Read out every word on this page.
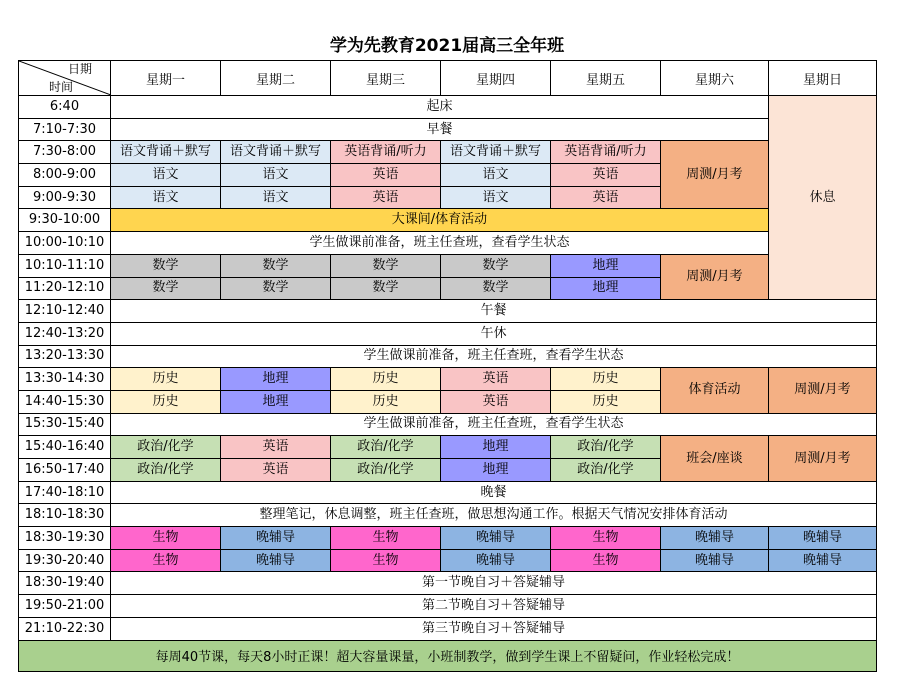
学为先教育2021届高三全年班
日期
时间	星期一	星期二	星期三	星期四	星期五	星期六	星期日
6:40	起床						休息
7:10-7:30	早餐						
7:30-8:00	语文背诵＋默写	语文背诵＋默写	英语背诵/听力	语文背诵＋默写	英语背诵/听力	周测/月考	
8:00-9:00	语文	语文	英语	语文	英语		
9:00-9:30	语文	语文	英语	语文	英语		
9:30-10:00	大课间/体育活动						
10:00-10:10	学生做课前准备，班主任查班，查看学生状态						
10:10-11:10	数学	数学	数学	数学	地理	周测/月考	
11:20-12:10	数学	数学	数学	数学	地理		
12:10-12:40	午餐						
12:40-13:20	午休						
13:20-13:30	学生做课前准备，班主任查班，查看学生状态						
13:30-14:30	历史	地理	历史	英语	历史	体育活动	周测/月考
14:40-15:30	历史	地理	历史	英语	历史		
15:30-15:40	学生做课前准备，班主任查班，查看学生状态						
15:40-16:40	政治/化学	英语	政治/化学	地理	政治/化学	班会/座谈	周测/月考
16:50-17:40	政治/化学	英语	政治/化学	地理	政治/化学		
17:40-18:10	晚餐						
18:10-18:30	整理笔记，休息调整，班主任查班，做思想沟通工作。根据天气情况安排体育活动						
18:30-19:30	生物	晚辅导	生物	晚辅导	生物	晚辅导	晚辅导
19:30-20:40	生物	晚辅导	生物	晚辅导	生物	晚辅导	晚辅导
18:30-19:40	第一节晚自习＋答疑辅导						
19:50-21:00	第二节晚自习＋答疑辅导						
21:10-22:30	第三节晚自习＋答疑辅导						
每周40节课，每天8小时正课！超大容量课量，小班制教学，做到学生课上不留疑问，作业轻松完成！							
